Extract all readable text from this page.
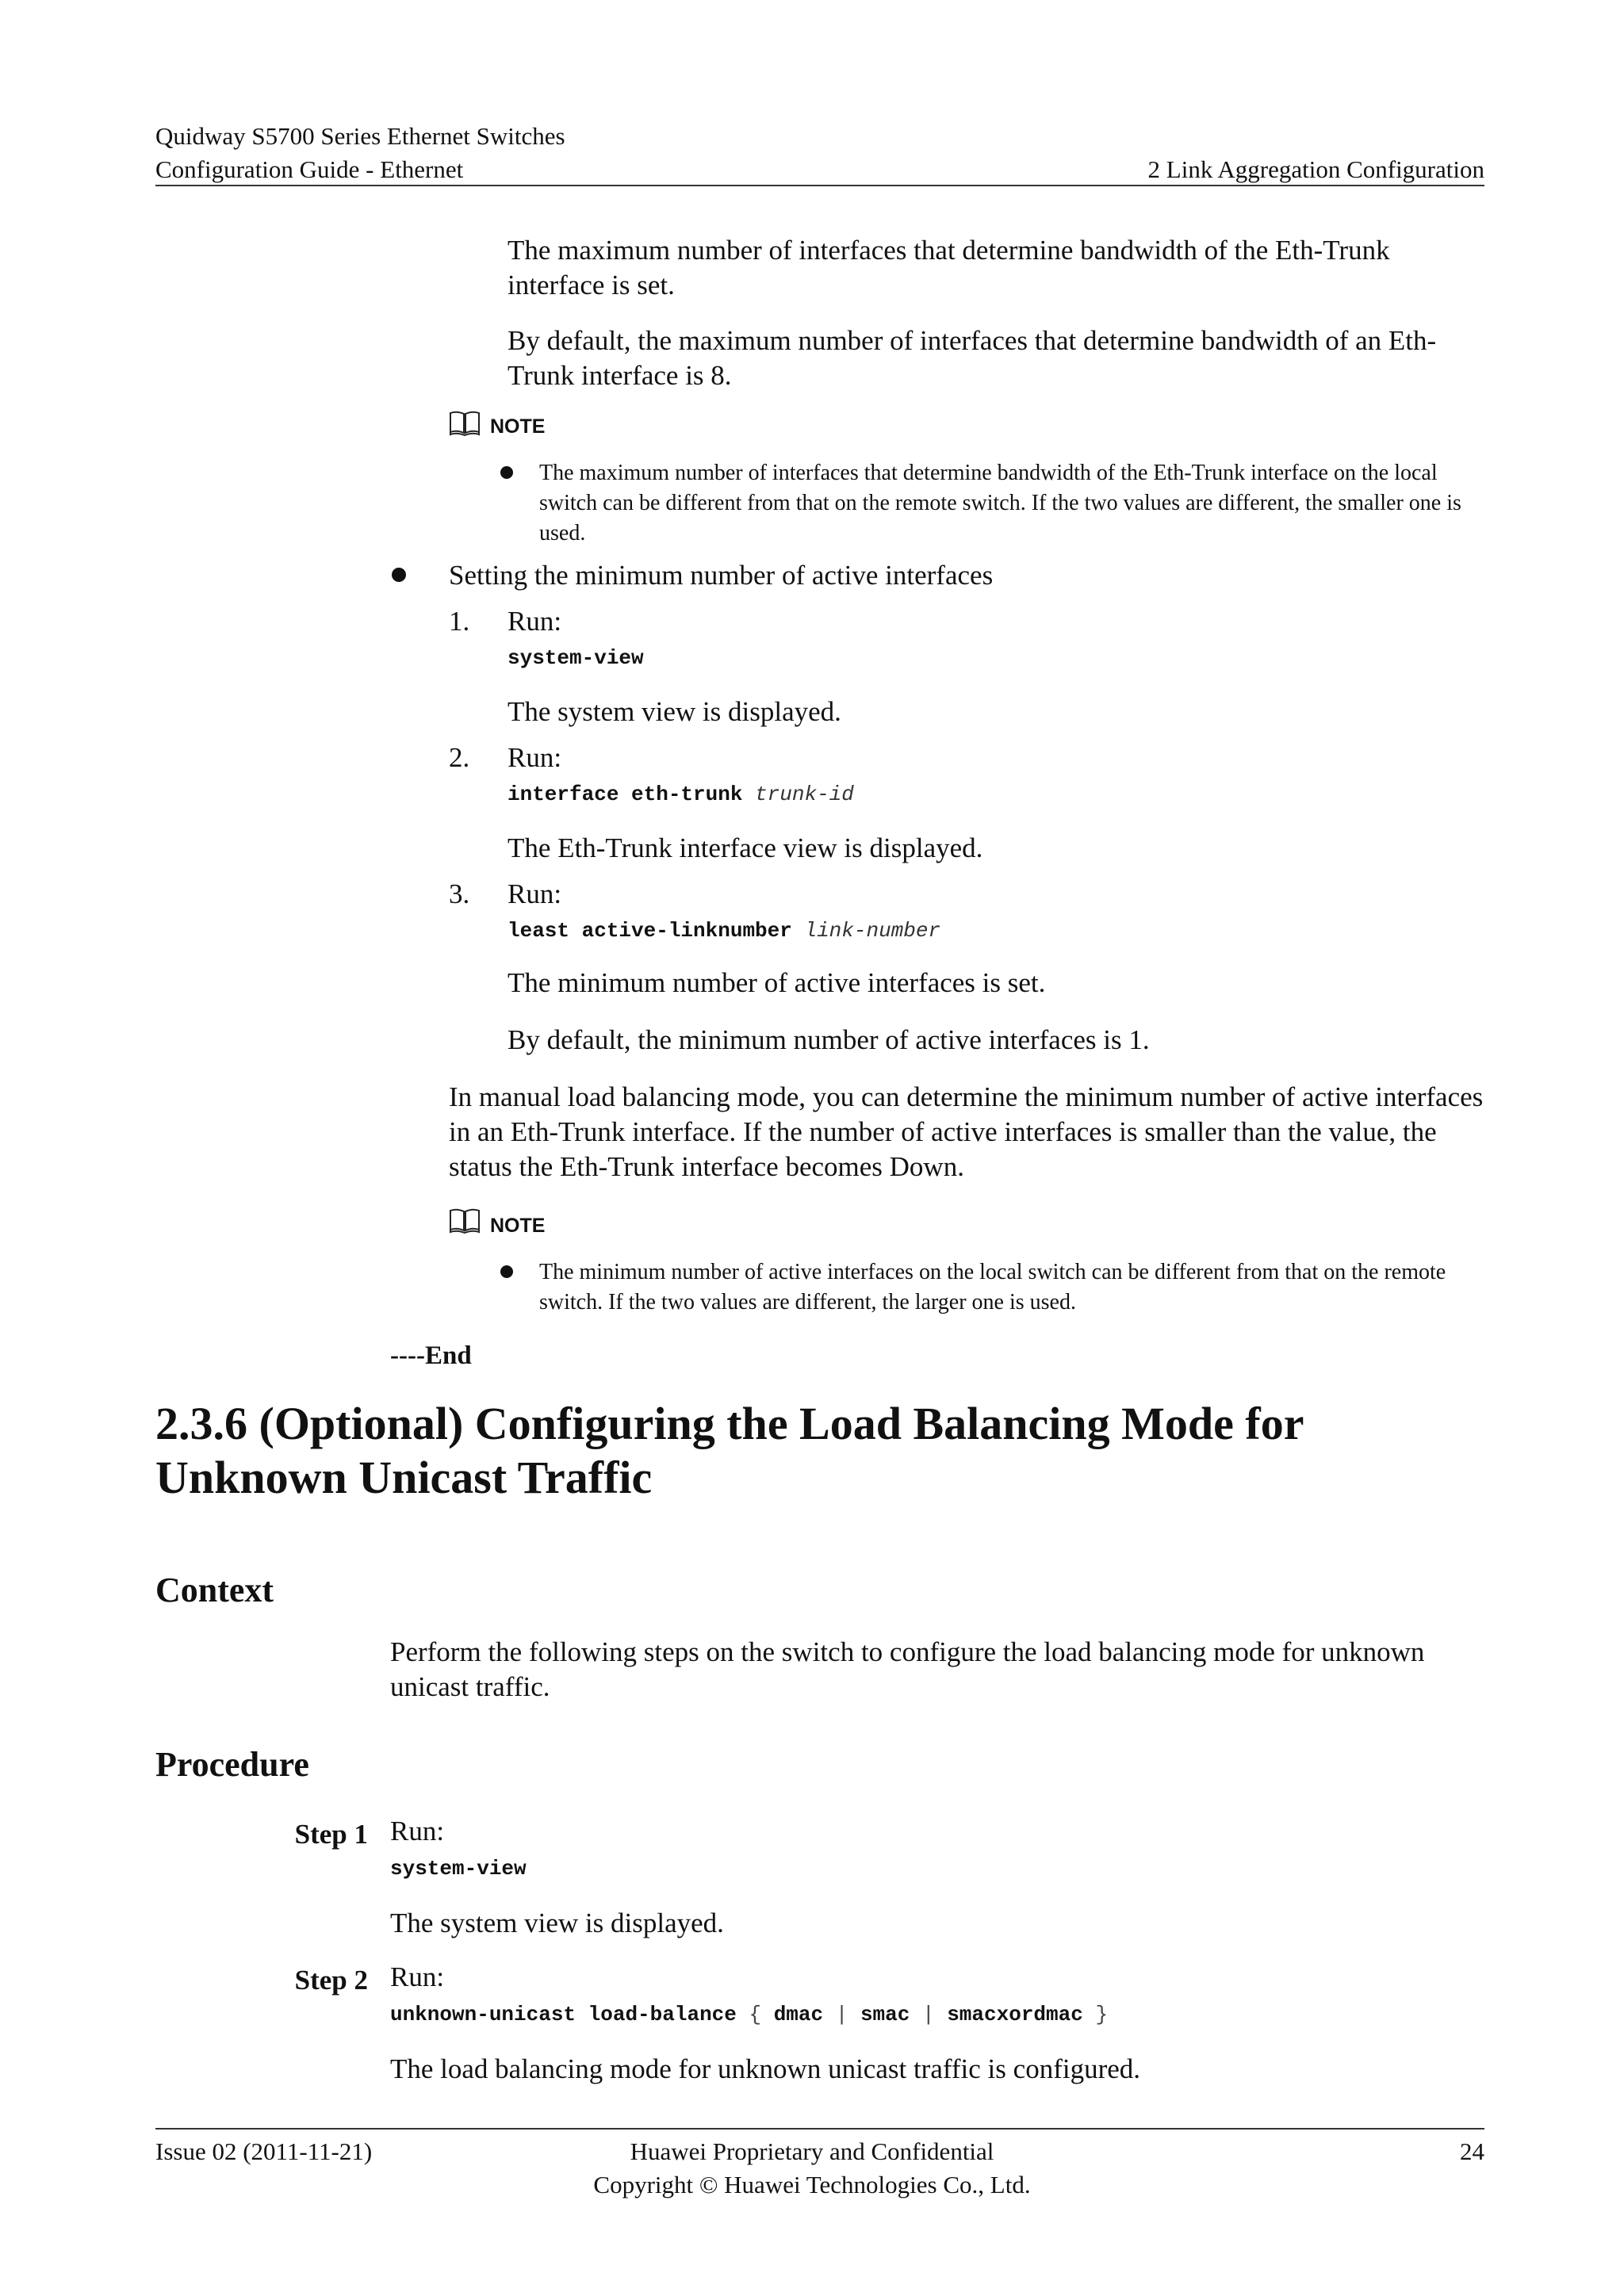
Quidway S5700 Series Ethernet Switches
Configuration Guide - Ethernet	2 Link Aggregation Configuration
The maximum number of interfaces that determine bandwidth of the Eth-Trunk interface is set.
By default, the maximum number of interfaces that determine bandwidth of an Eth-Trunk interface is 8.
NOTE
The maximum number of interfaces that determine bandwidth of the Eth-Trunk interface on the local switch can be different from that on the remote switch. If the two values are different, the smaller one is used.
Setting the minimum number of active interfaces
1. Run:
system-view
The system view is displayed.
2. Run:
interface eth-trunk trunk-id
The Eth-Trunk interface view is displayed.
3. Run:
least active-linknumber link-number
The minimum number of active interfaces is set.
By default, the minimum number of active interfaces is 1.
In manual load balancing mode, you can determine the minimum number of active interfaces in an Eth-Trunk interface. If the number of active interfaces is smaller than the value, the status the Eth-Trunk interface becomes Down.
NOTE
The minimum number of active interfaces on the local switch can be different from that on the remote switch. If the two values are different, the larger one is used.
----End
2.3.6 (Optional) Configuring the Load Balancing Mode for Unknown Unicast Traffic
Context
Perform the following steps on the switch to configure the load balancing mode for unknown unicast traffic.
Procedure
Step 1 Run:
system-view
The system view is displayed.
Step 2 Run:
unknown-unicast load-balance { dmac | smac | smacxordmac }
The load balancing mode for unknown unicast traffic is configured.
Issue 02 (2011-11-21)	Huawei Proprietary and Confidential
Copyright © Huawei Technologies Co., Ltd.
24
